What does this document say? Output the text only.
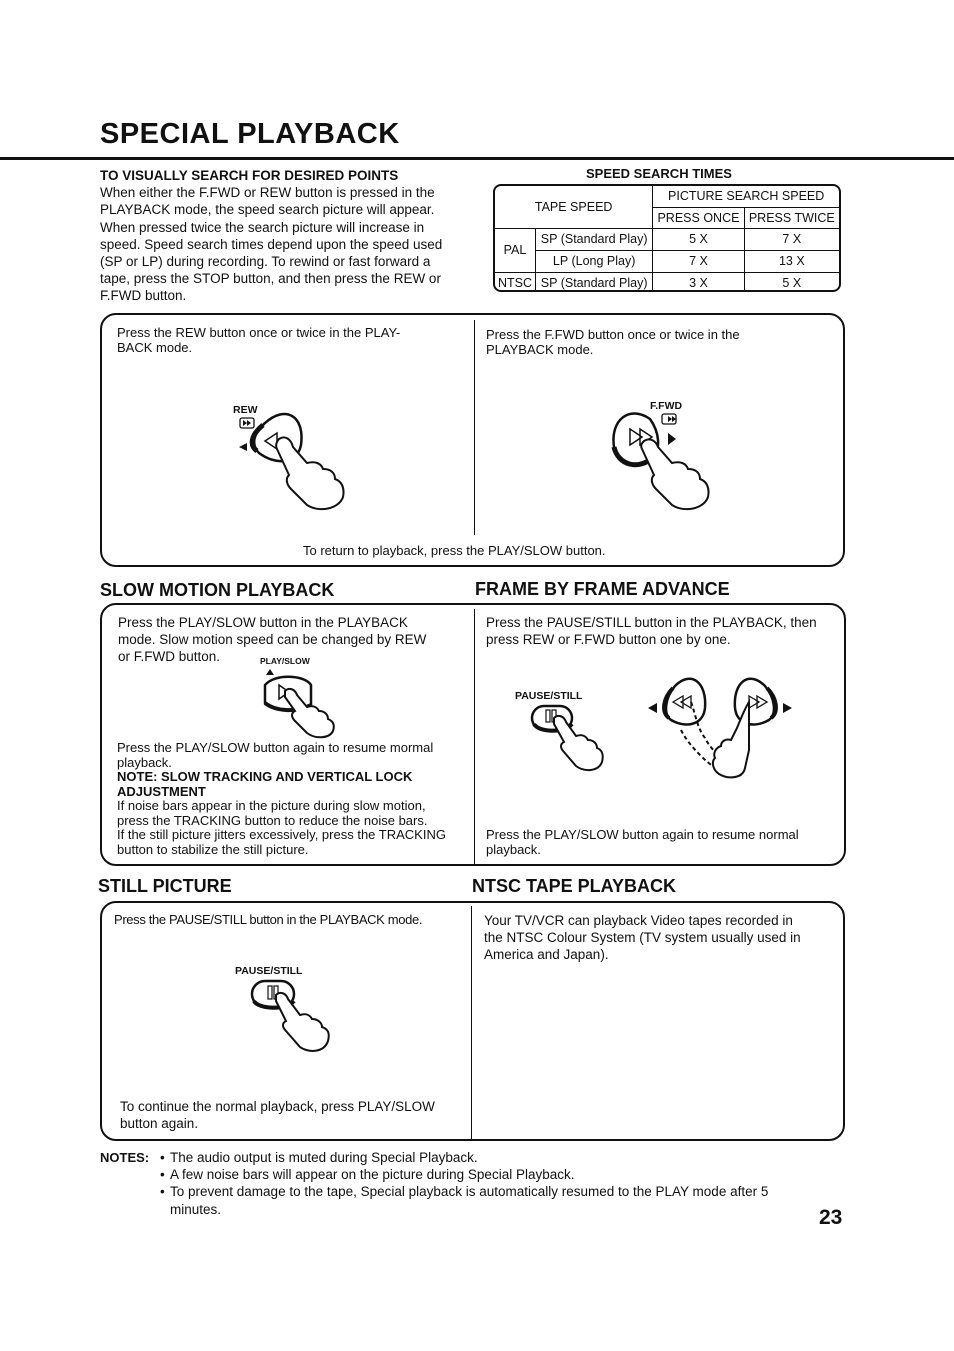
SPECIAL PLAYBACK
TO VISUALLY SEARCH FOR DESIRED POINTS
When either the F.FWD or REW button is pressed in the
PLAYBACK mode, the speed search picture will appear.
When pressed twice the search picture will increase in
speed. Speed search times depend upon the speed used
(SP or LP) during recording. To rewind or fast forward a
tape, press the STOP button, and then press the REW or
F.FWD button.
SPEED SEARCH TIMES
TAPE SPEED		PICTURE SEARCH SPEED	
		PRESS ONCE	PRESS TWICE
PAL	SP (Standard Play)	5 X	7 X
	LP (Long Play)	7 X	13 X
NTSC	SP (Standard Play)	3 X	5 X
Press the REW button once or twice in the PLAY-
BACK mode.
Press the F.FWD button once or twice in the
PLAYBACK mode.
REW	F.FWD
To return to playback, press the PLAY/SLOW button.
SLOW MOTION PLAYBACK	FRAME BY FRAME ADVANCE
Press the PLAY/SLOW button in the PLAYBACK
mode. Slow motion speed can be changed by REW
or F.FWD button.	PLAY/SLOW
Press the PLAY/SLOW button again to resume mormal
playback.
NOTE: SLOW TRACKING AND VERTICAL LOCK
ADJUSTMENT
If noise bars appear in the picture during slow motion,
press the TRACKING button to reduce the noise bars.
If the still picture jitters excessively, press the TRACKING
button to stabilize the still picture.
Press the PAUSE/STILL button in the PLAYBACK, then
press REW or F.FWD button one by one.
PAUSE/STILL
Press the PLAY/SLOW button again to resume normal
playback.
STILL PICTURE	NTSC TAPE PLAYBACK
Press the PAUSE/STILL button in the PLAYBACK mode.
PAUSE/STILL
To continue the normal playback, press PLAY/SLOW
button again.
Your TV/VCR can playback Video tapes recorded in
the NTSC Colour System (TV system usually used in
America and Japan).
NOTES: • The audio output is muted during Special Playback.
• A few noise bars will appear on the picture during Special Playback.
• To prevent damage to the tape, Special playback is automatically resumed to the PLAY mode after 5
minutes.	23
